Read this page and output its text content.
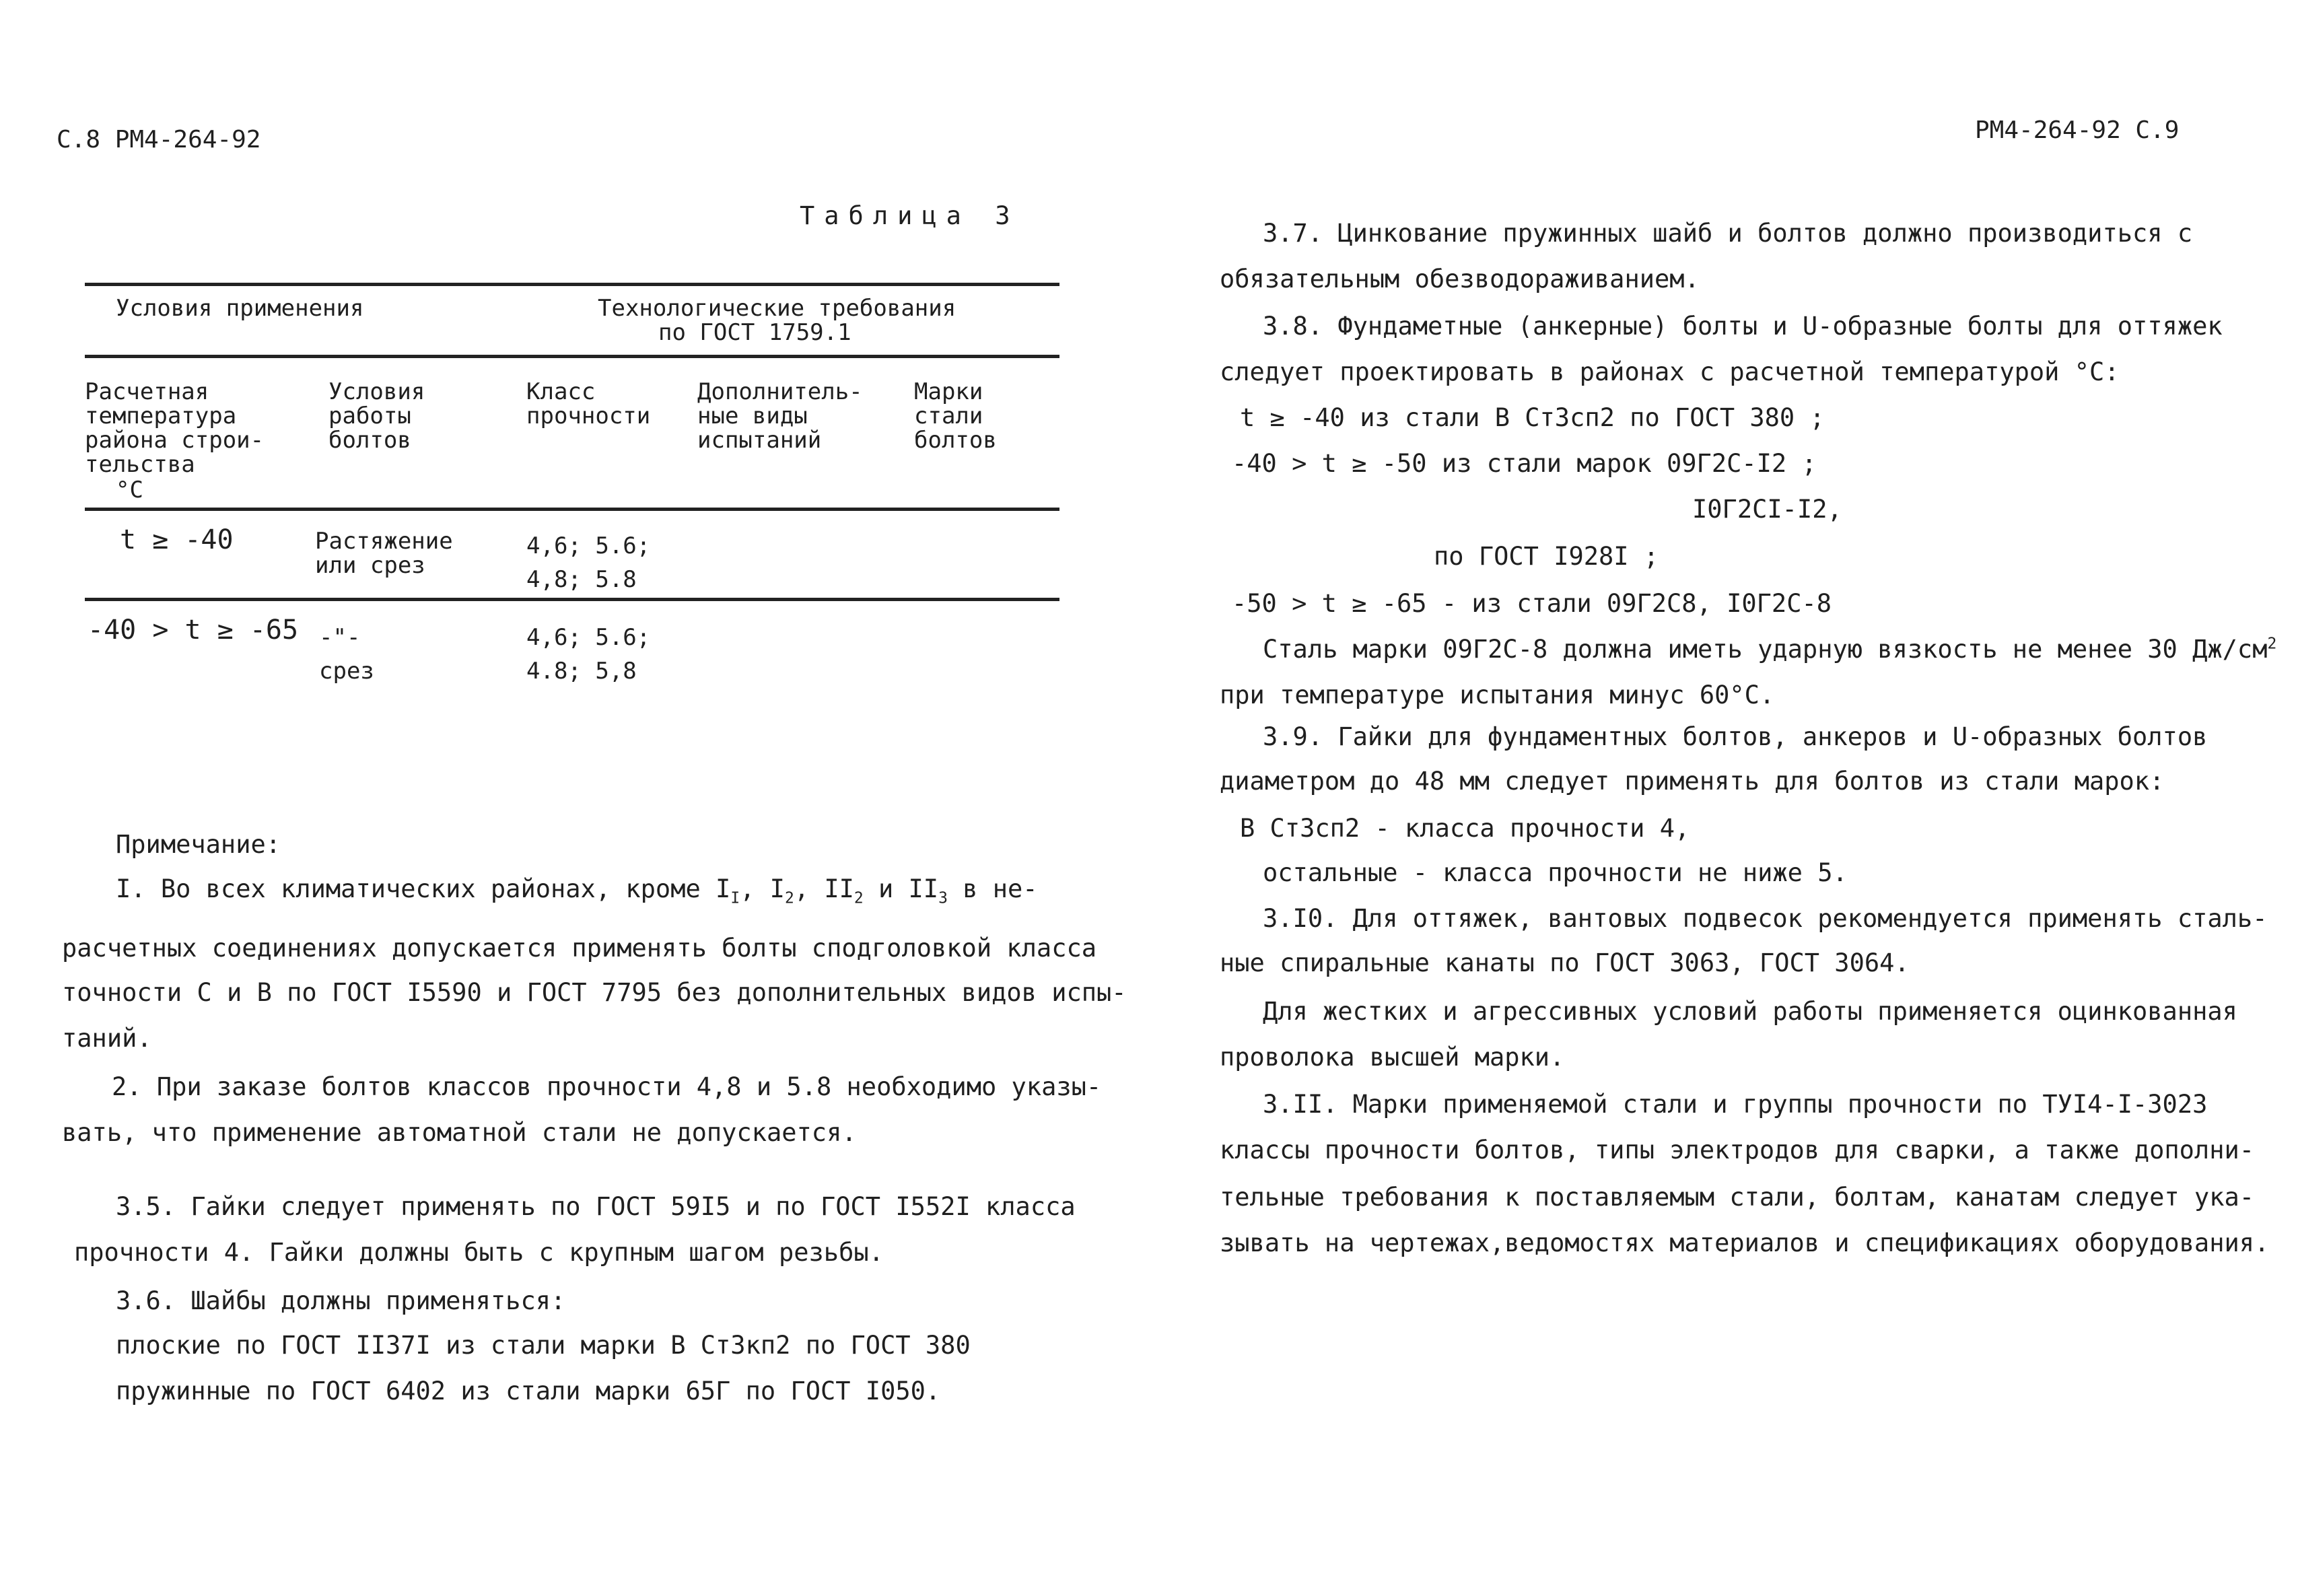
С.8 РМ4-264-92
Таблица 3
Условия применения	Технологические требования
по ГОСТ 1759.1
Расчетная
температура
района строи-
тельства
°С
Условия
работы
болтов
Класс
прочности
Дополнитель-
ные виды
испытаний
Марки
стали
болтов
t ≥ -40	Растяжение
или срез
4,6; 5.6;
4,8; 5.8
-40 > t ≥ -65 -"-
срез
4,6; 5.6;
4.8; 5,8
Примечание:
I. Во всех климатических районах, кроме $I_I$, $I_2$, $II_2$ и $II_3$ в не-
расчетных соединениях допускается применять болты сподголовкой класса
точности С и В по ГОСТ I5590 и ГОСТ 7795 без дополнительных видов испы-
таний.
2. При заказе болтов классов прочности 4,8 и 5.8 необходимо указы-
вать, что применение автоматной стали не допускается.
3.5. Гайки следует применять по ГОСТ 59I5 и по ГОСТ I552I класса
прочности 4. Гайки должны быть с крупным шагом резьбы.
3.6. Шайбы должны применяться:
плоские по ГОСТ II37I из стали марки В Ст3кп2 по ГОСТ 380
пружинные по ГОСТ 6402 из стали марки 65Г по ГОСТ I050.
РМ4-264-92 С.9
3.7. Цинкование пружинных шайб и болтов должно производиться с
обязательным обезводораживанием.
3.8. Фундаметные (анкерные) болты и U-образные болты для оттяжек
следует проектировать в районах с расчетной температурой °С:
t ≥ -40 из стали В Ст3сп2 по ГОСТ 380 ;
-40 > t ≥ -50 из стали марок 09Г2С-I2 ;
I0Г2СI-I2,
по ГОСТ I928I ;
-50 > t ≥ -65 - из стали 09Г2С8, I0Г2С-8
Сталь марки 09Г2С-8 должна иметь ударную вязкость не менее 30 $Дж/см^2$
при температуре испытания минус 60°С.
3.9. Гайки для фундаментных болтов, анкеров и U-образных болтов
диаметром до 48 мм следует применять для болтов из стали марок:
В Ст3сп2 - класса прочности 4,
остальные - класса прочности не ниже 5.
3.I0. Для оттяжек, вантовых подвесок рекомендуется применять сталь-
ные спиральные канаты по ГОСТ 3063, ГОСТ 3064.
Для жестких и агрессивных условий работы применяется оцинкованная
проволока высшей марки.
3.II. Марки применяемой стали и группы прочности по ТУI4-I-3023
классы прочности болтов, типы электродов для сварки, а также дополни-
тельные требования к поставляемым стали, болтам, канатам следует ука-
зывать на чертежах,ведомостях материалов и спецификациях оборудования.
